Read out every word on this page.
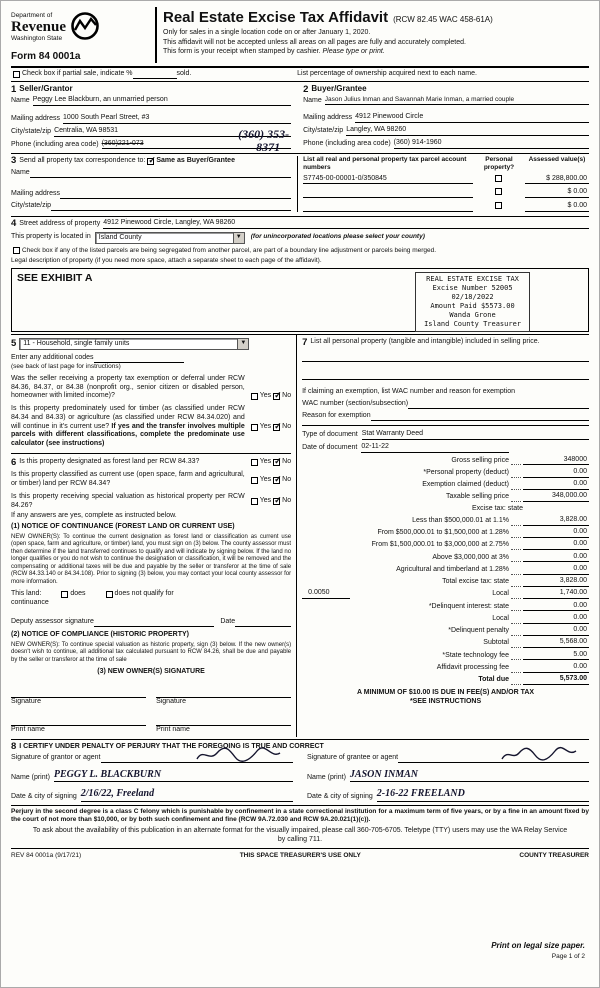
Department of
Revenue
Washington State
Form 84 0001a
Real Estate Excise Tax Affidavit (RCW 82.45 WAC 458-61A)
Only for sales in a single location code on or after January 1, 2020.
This affidavit will not be accepted unless all areas on all pages are fully and accurately completed.
This form is your receipt when stamped by cashier. Please type or print.
Check box if partial sale, indicate %	sold.	List percentage of ownership acquired next to each name.
1 Seller/Grantor
Name Peggy Lee Blackburn, an unmarried person
Mailing address 1000 South Pearl Street, #3
City/state/zip Centralia, WA 98531
Phone (including area code) (360)221-073
(360) 353-
8371
2 Buyer/Grantee
Name Jason Julius Inman and Savannah Marie Inman, a married couple
Mailing address 4912 Pinewood Circle
City/state/zip Langley, WA 98260
Phone (including area code) (360) 914-1960
3 Send all property tax correspondence to: ✓ Same as Buyer/Grantee
Name
Mailing address
City/state/zip
List all real and personal property tax parcel account numbers
Personal property?
Assessed value(s)
S7745-00-00001-0/350845	$ 288,800.00
$ 0.00
$ 0.00
4 Street address of property 4912 Pinewood Circle, Langley, WA 98260
This property is located in	Island County	▼	(for unincorporated locations please select your county)
Check box if any of the listed parcels are being segregated from another parcel, are part of a boundary line adjustment or parcels being merged.
Legal description of property (if you need more space, attach a separate sheet to each page of the affidavit).
SEE EXHIBIT A	REAL ESTATE EXCISE TAX
Excise Number 52005
02/18/2022
Amount Paid $5573.00
Wanda Grone
Island County Treasurer
5	11 - Household, single family units	▼
Enter any additional codes
(see back of last page for instructions)
Was the seller receiving a property tax exemption or deferral under RCW 84.36, 84.37, or 84.38 (nonprofit org., senior citizen or disabled person, homeowner with limited income)?	Yes ✓ No
Is this property predominately used for timber (as classified under RCW 84.34 and 84.33) or agriculture (as classified under RCW 84.34.020) and will continue in it's current use? If yes and the transfer involves multiple parcels with different classifications, complete the predominate use calculator (see instructions)
Yes ✓ No
6 Is this property designated as forest land per RCW 84.33?	Yes ✓ No
Is this property classified as current use (open space, farm and agricultural, or timber) land per RCW 84.34?
Yes ✓ No
Is this property receiving special valuation as historical property per RCW 84.26?
Yes ✓ No
If any answers are yes, complete as instructed below.
(1) NOTICE OF CONTINUANCE (FOREST LAND OR CURRENT USE)
NEW OWNER(S): To continue the current designation as forest land or classification as current use (open space, farm and agriculture, or timber) land, you must sign on (3) below. The county assessor must then determine if the land transferred continues to qualify and will indicate by signing below. If the land no longer qualifies or you do not wish to continue the designation or classification, it will be removed and the compensating or additional taxes will be due and payable by the seller or transferor at the time of sale (RCW 84.33.140 or 84.34.108). Prior to signing (3) below, you may contact your local county assessor for more information.
This land:	does	does not qualify for
continuance
Deputy assessor signature	Date
(2) NOTICE OF COMPLIANCE (HISTORIC PROPERTY)
NEW OWNER(S): To continue special valuation as historic property, sign (3) below. If the new owner(s) doesn't wish to continue, all additional tax calculated pursuant to RCW 84.26, shall be due and payable by the seller or transferor at the time of sale
(3) NEW OWNER(S) SIGNATURE
Signature	Signature
Print name	Print name
7 List all personal property (tangible and intangible) included in selling price.
If claiming an exemption, list WAC number and reason for exemption
WAC number (section/subsection)
Reason for exemption
Type of document Stat Warranty Deed
Date of document 02-11-22
Gross selling price	348000
*Personal property (deduct)	0.00
Exemption claimed (deduct)	0.00
Taxable selling price	348,000.00
Excise tax: state
Less than $500,000.01 at 1.1%	3,828.00
From $500,000.01 to $1,500,000 at 1.28%	0.00
From $1,500,000.01 to $3,000,000 at 2.75%	0.00
Above $3,000,000 at 3%	0.00
Agricultural and timberland at 1.28%	0.00
Total excise tax: state	3,828.00
0.0050	Local	1,740.00
*Delinquent interest: state	0.00
Local	0.00
*Delinquent penalty	0.00
Subtotal	5,568.00
*State technology fee	5.00
Affidavit processing fee	0.00
Total due	5,573.00
A MINIMUM OF $10.00 IS DUE IN FEE(S) AND/OR TAX
*SEE INSTRUCTIONS
8 I CERTIFY UNDER PENALTY OF PERJURY THAT THE FOREGOING IS TRUE AND CORRECT
Signature of grantor or agent
Name (print) PEGGY L. BLACKBURN
Date & city of signing 2/16/22, Freeland
Signature of grantee or agent
Name (print) JASON INMAN
Date & city of signing 2-16-22 FREELAND
Perjury in the second degree is a class C felony which is punishable by confinement in a state correctional institution for a maximum term of five years, or by a fine in an amount fixed by the court of not more than $10,000, or by both such confinement and fine (RCW 9A.72.030 and RCW 9A.20.021(1)(c)).
To ask about the availability of this publication in an alternate format for the visually impaired, please call 360-705-6705. Teletype (TTY) users may use the WA Relay Service by calling 711.
REV 84 0001a (9/17/21)	THIS SPACE TREASURER'S USE ONLY	COUNTY TREASURER
Print on legal size paper.
Page 1 of 2
